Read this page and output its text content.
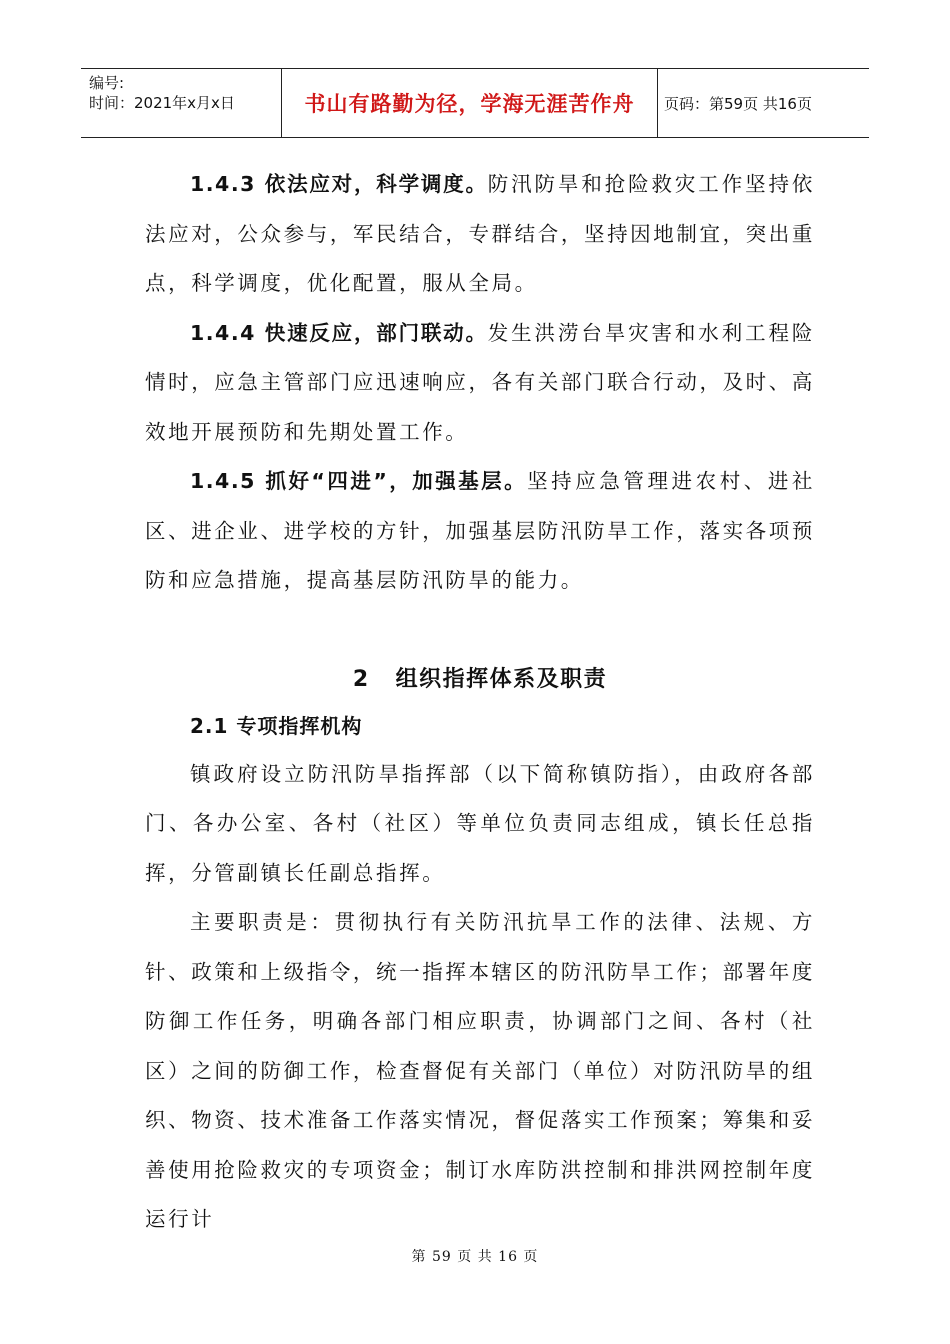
编号:
时间：2021年x月x日	书山有路勤为径，学海无涯苦作舟	页码：第59页 共16页

1.4.3 依法应对，科学调度。防汛防旱和抢险救灾工作坚持依法应对，公众参与，军民结合，专群结合，坚持因地制宜，突出重点，科学调度，优化配置，服从全局。

1.4.4 快速反应，部门联动。发生洪涝台旱灾害和水利工程险情时，应急主管部门应迅速响应，各有关部门联合行动，及时、高效地开展预防和先期处置工作。

1.4.5 抓好“四进”，加强基层。坚持应急管理进农村、进社区、进企业、进学校的方针，加强基层防汛防旱工作，落实各项预防和应急措施，提高基层防汛防旱的能力。

2 组织指挥体系及职责
2.1 专项指挥机构

镇政府设立防汛防旱指挥部（以下简称镇防指），由政府各部门、各办公室、各村（社区）等单位负责同志组成，镇长任总指挥，分管副镇长任副总指挥。

主要职责是：贯彻执行有关防汛抗旱工作的法律、法规、方针、政策和上级指令，统一指挥本辖区的防汛防旱工作；部署年度防御工作任务，明确各部门相应职责，协调部门之间、各村（社区）之间的防御工作，检查督促有关部门（单位）对防汛防旱的组织、物资、技术准备工作落实情况，督促落实工作预案；筹集和妥善使用抢险救灾的专项资金；制订水库防洪控制和排洪网控制年度运行计

第 59 页 共 16 页
